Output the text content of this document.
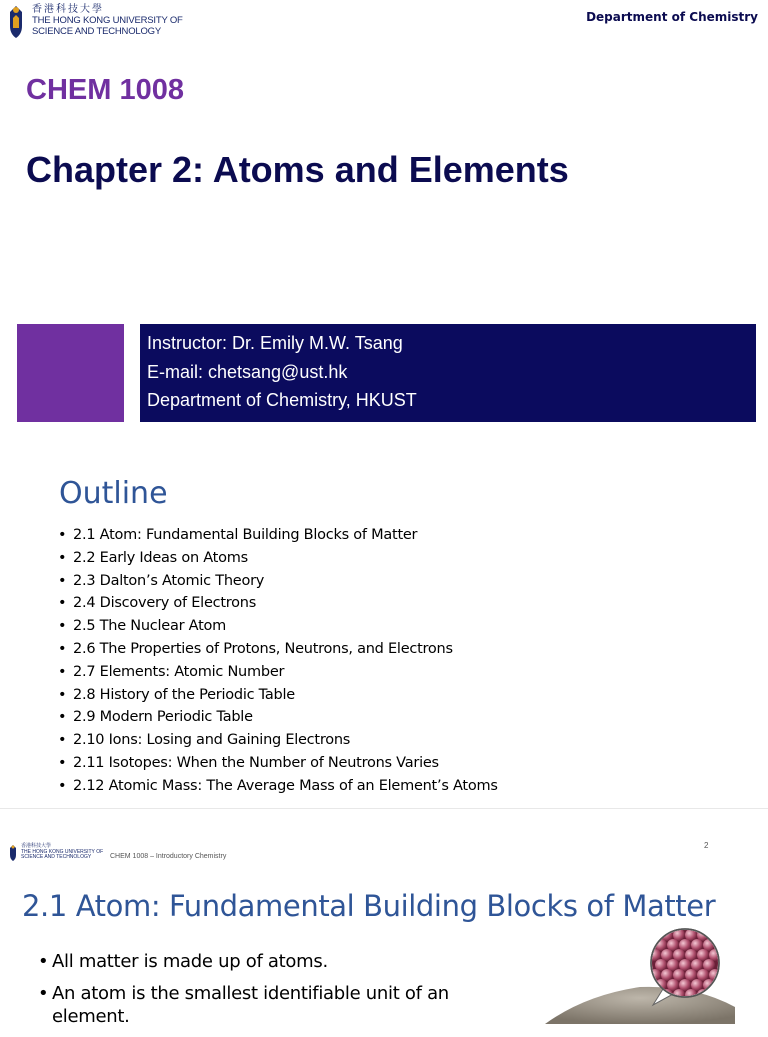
香港科技大學
THE HONG KONG UNIVERSITY OF
SCIENCE AND TECHNOLOGY
Department of Chemistry
CHEM 1008
Chapter 2: Atoms and Elements
Instructor: Dr. Emily M.W. Tsang
E-mail: chetsang@ust.hk
Department of Chemistry, HKUST
Outline
• 2.1 Atom: Fundamental Building Blocks of Matter
• 2.2 Early Ideas on Atoms
• 2.3 Dalton’s Atomic Theory
• 2.4 Discovery of Electrons
• 2.5 The Nuclear Atom
• 2.6 The Properties of Protons, Neutrons, and Electrons
• 2.7 Elements: Atomic Number
• 2.8 History of the Periodic Table
• 2.9 Modern Periodic Table
• 2.10 Ions: Losing and Gaining Electrons
• 2.11 Isotopes: When the Number of Neutrons Varies
• 2.12 Atomic Mass: The Average Mass of an Element’s Atoms
香港科技大學
THE HONG KONG UNIVERSITY OF
SCIENCE AND TECHNOLOGY	CHEM 1008 – Introductory Chemistry
2
2.1 Atom: Fundamental Building Blocks of Matter
• All matter is made up of atoms.
• An atom is the smallest identifiable unit of an element.
